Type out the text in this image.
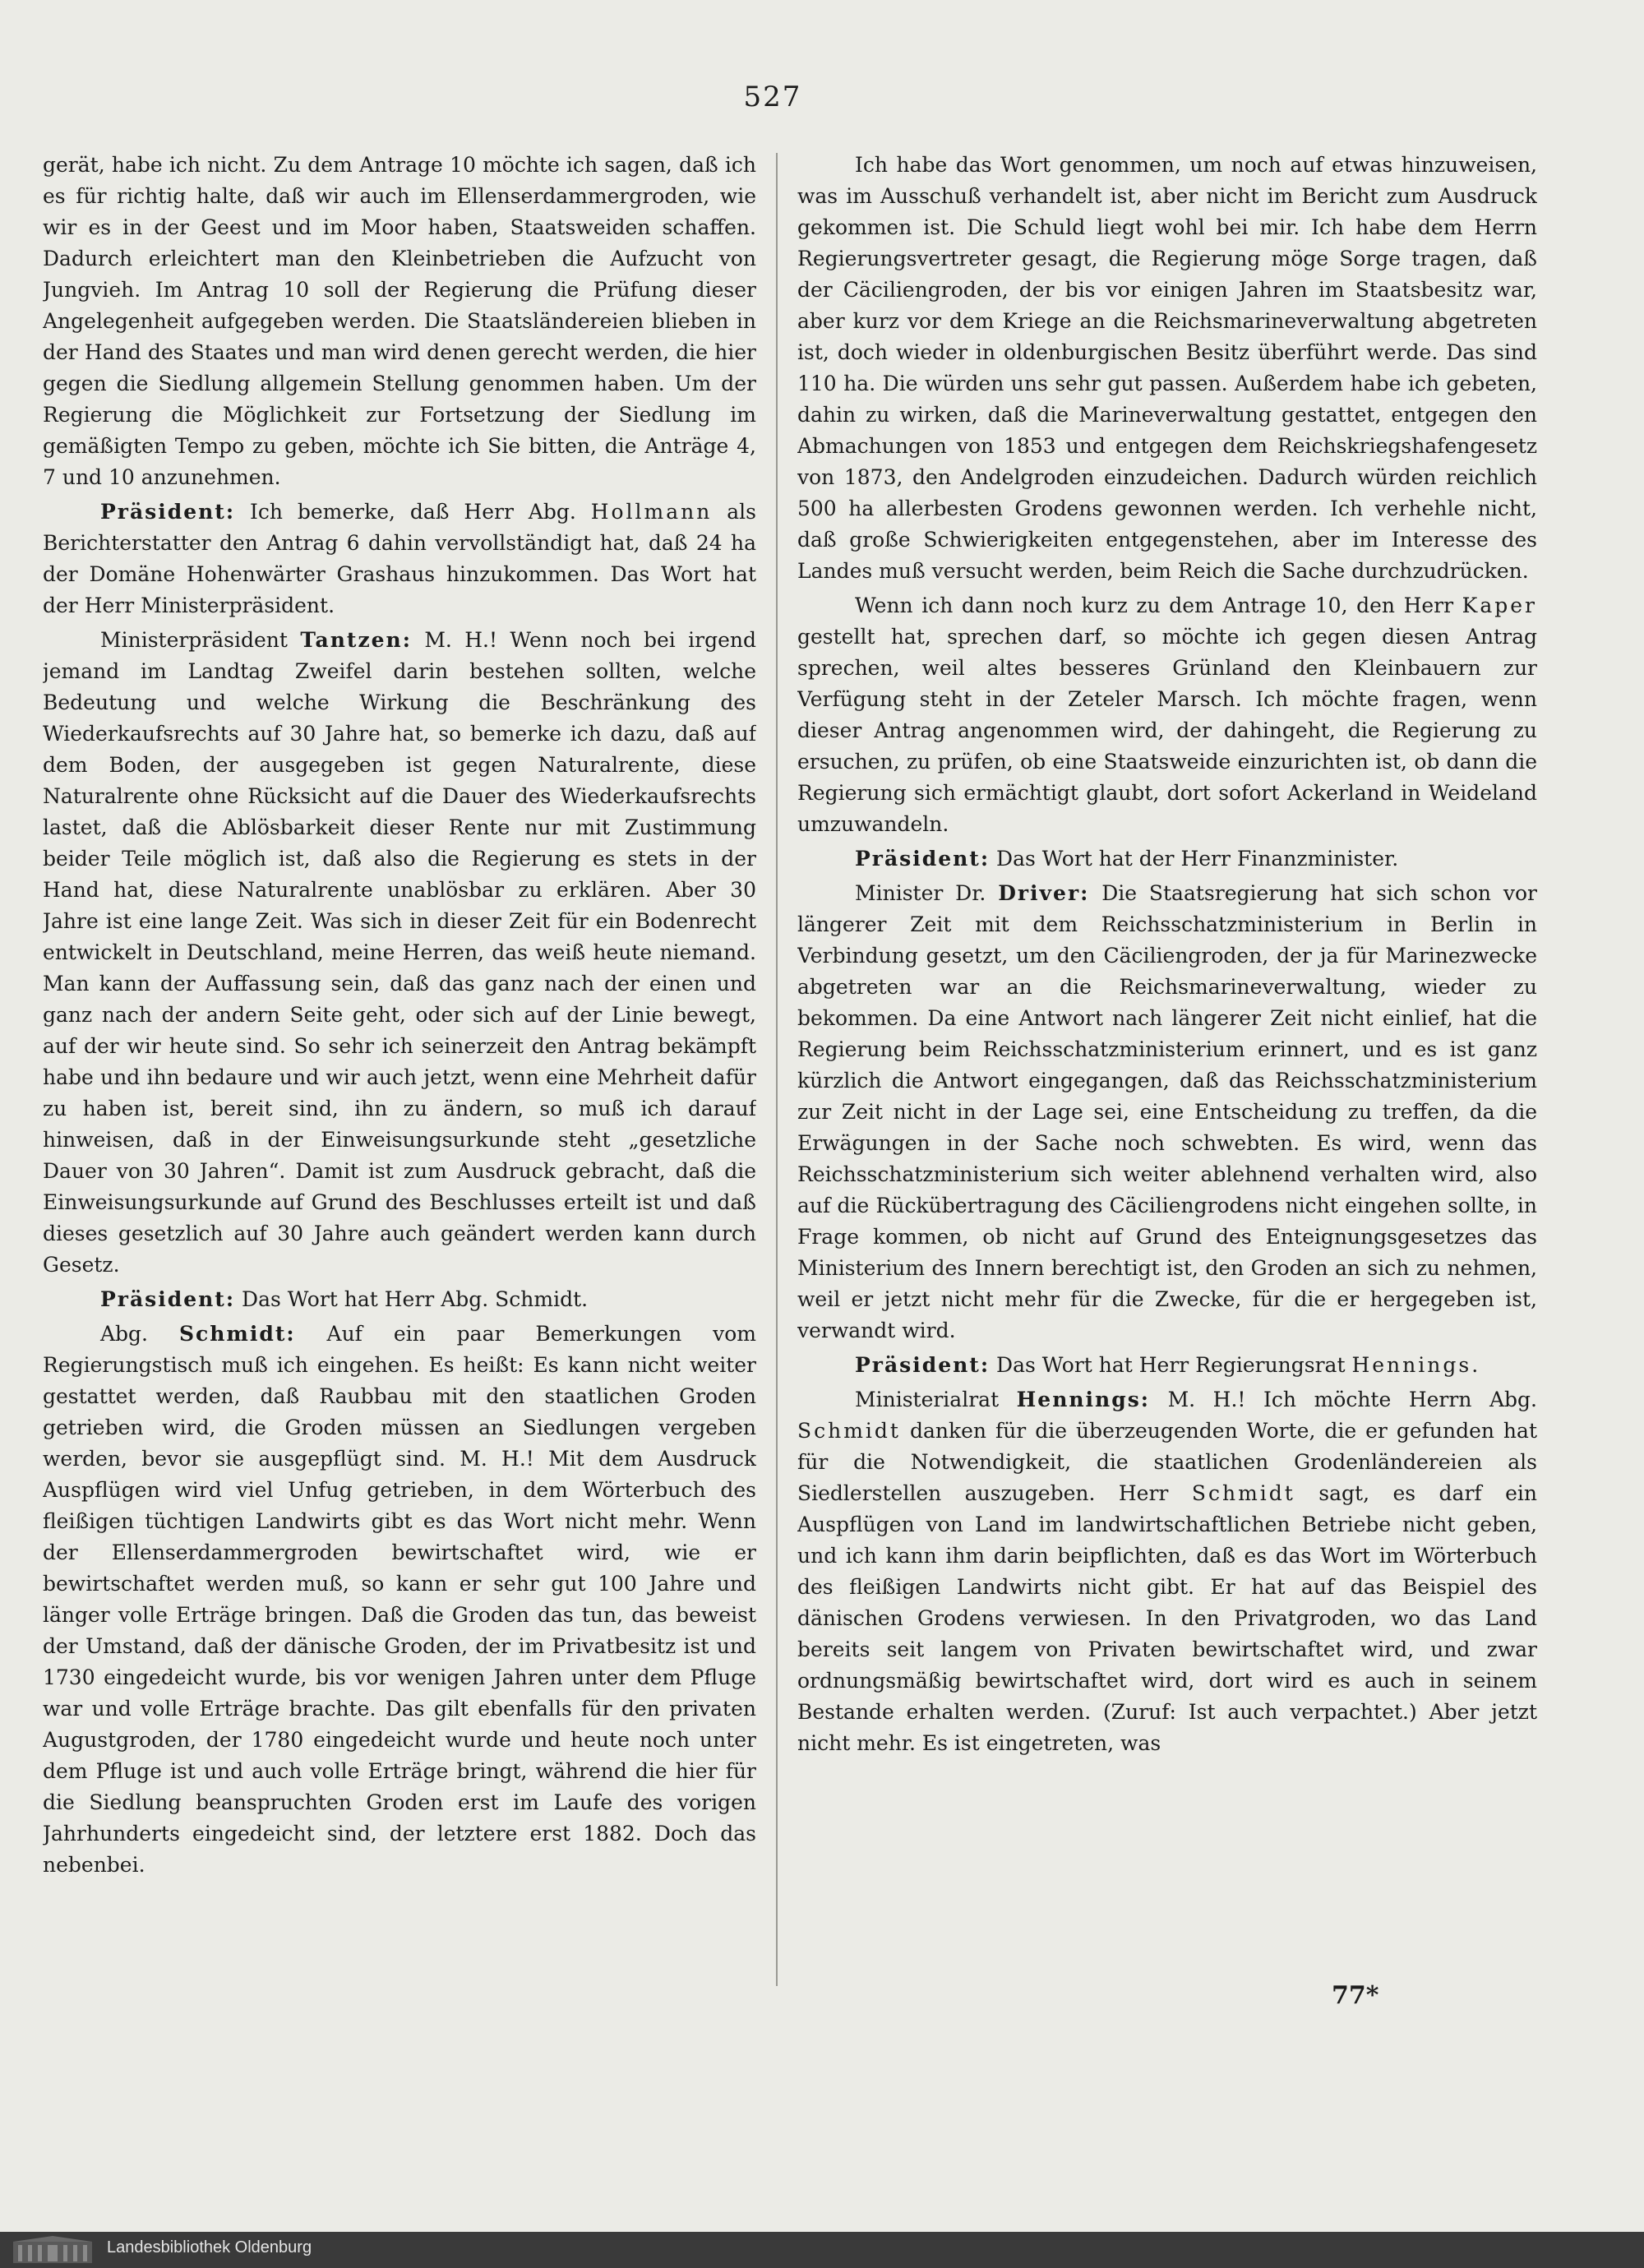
527

gerät, habe ich nicht. Zu dem Antrage 10 möchte ich sagen, daß ich es für richtig halte, daß wir auch im Ellenserdammergroden, wie wir es in der Geest und im Moor haben, Staatsweiden schaffen. Dadurch erleichtert man den Kleinbetrieben die Aufzucht von Jungvieh. Im Antrag 10 soll der Regierung die Prüfung dieser Angelegenheit aufgegeben werden. Die Staatsländereien blieben in der Hand des Staates und man wird denen gerecht werden, die hier gegen die Siedlung allgemein Stellung genommen haben. Um der Regierung die Möglichkeit zur Fortsetzung der Siedlung im gemäßigten Tempo zu geben, möchte ich Sie bitten, die Anträge 4, 7 und 10 anzunehmen.

Präsident: Ich bemerke, daß Herr Abg. Hollmann als Berichterstatter den Antrag 6 dahin vervollständigt hat, daß 24 ha der Domäne Hohenwärter Grashaus hinzukommen. Das Wort hat der Herr Ministerpräsident.

Ministerpräsident Tantzen: M. H.! Wenn noch bei irgend jemand im Landtag Zweifel darin bestehen sollten, welche Bedeutung und welche Wirkung die Beschränkung des Wiederkaufsrechts auf 30 Jahre hat, so bemerke ich dazu, daß auf dem Boden, der ausgegeben ist gegen Naturalrente, diese Naturalrente ohne Rücksicht auf die Dauer des Wiederkaufsrechts lastet, daß die Ablösbarkeit dieser Rente nur mit Zustimmung beider Teile möglich ist, daß also die Regierung es stets in der Hand hat, diese Naturalrente unablösbar zu erklären. Aber 30 Jahre ist eine lange Zeit. Was sich in dieser Zeit für ein Bodenrecht entwickelt in Deutschland, meine Herren, das weiß heute niemand. Man kann der Auffassung sein, daß das ganz nach der einen und ganz nach der andern Seite geht, oder sich auf der Linie bewegt, auf der wir heute sind. So sehr ich seinerzeit den Antrag bekämpft habe und ihn bedaure und wir auch jetzt, wenn eine Mehrheit dafür zu haben ist, bereit sind, ihn zu ändern, so muß ich darauf hinweisen, daß in der Einweisungsurkunde steht „gesetzliche Dauer von 30 Jahren“. Damit ist zum Ausdruck gebracht, daß die Einweisungsurkunde auf Grund des Beschlusses erteilt ist und daß dieses gesetzlich auf 30 Jahre auch geändert werden kann durch Gesetz.

Präsident: Das Wort hat Herr Abg. Schmidt.

Abg. Schmidt: Auf ein paar Bemerkungen vom Regierungstisch muß ich eingehen. Es heißt: Es kann nicht weiter gestattet werden, daß Raubbau mit den staatlichen Groden getrieben wird, die Groden müssen an Siedlungen vergeben werden, bevor sie ausgepflügt sind. M. H.! Mit dem Ausdruck Auspflügen wird viel Unfug getrieben, in dem Wörterbuch des fleißigen tüchtigen Landwirts gibt es das Wort nicht mehr. Wenn der Ellenserdammergroden bewirtschaftet wird, wie er bewirtschaftet werden muß, so kann er sehr gut 100 Jahre und länger volle Erträge bringen. Daß die Groden das tun, das beweist der Umstand, daß der dänische Groden, der im Privatbesitz ist und 1730 eingedeicht wurde, bis vor wenigen Jahren unter dem Pfluge war und volle Erträge brachte. Das gilt ebenfalls für den privaten Augustgroden, der 1780 eingedeicht wurde und heute noch unter dem Pfluge ist und auch volle Erträge bringt, während die hier für die Siedlung beanspruchten Groden erst im Laufe des vorigen Jahrhunderts eingedeicht sind, der letztere erst 1882. Doch das nebenbei.

Ich habe das Wort genommen, um noch auf etwas hinzuweisen, was im Ausschuß verhandelt ist, aber nicht im Bericht zum Ausdruck gekommen ist. Die Schuld liegt wohl bei mir. Ich habe dem Herrn Regierungsvertreter gesagt, die Regierung möge Sorge tragen, daß der Cäciliengroden, der bis vor einigen Jahren im Staatsbesitz war, aber kurz vor dem Kriege an die Reichsmarineverwaltung abgetreten ist, doch wieder in oldenburgischen Besitz überführt werde. Das sind 110 ha. Die würden uns sehr gut passen. Außerdem habe ich gebeten, dahin zu wirken, daß die Marineverwaltung gestattet, entgegen den Abmachungen von 1853 und entgegen dem Reichskriegshafengesetz von 1873, den Andelgroden einzudeichen. Dadurch würden reichlich 500 ha allerbesten Grodens gewonnen werden. Ich verhehle nicht, daß große Schwierigkeiten entgegenstehen, aber im Interesse des Landes muß versucht werden, beim Reich die Sache durchzudrücken.

Wenn ich dann noch kurz zu dem Antrage 10, den Herr Kaper gestellt hat, sprechen darf, so möchte ich gegen diesen Antrag sprechen, weil altes besseres Grünland den Kleinbauern zur Verfügung steht in der Zeteler Marsch. Ich möchte fragen, wenn dieser Antrag angenommen wird, der dahingeht, die Regierung zu ersuchen, zu prüfen, ob eine Staatsweide einzurichten ist, ob dann die Regierung sich ermächtigt glaubt, dort sofort Ackerland in Weideland umzuwandeln.

Präsident: Das Wort hat der Herr Finanzminister.

Minister Dr. Driver: Die Staatsregierung hat sich schon vor längerer Zeit mit dem Reichsschatzministerium in Berlin in Verbindung gesetzt, um den Cäciliengroden, der ja für Marinezwecke abgetreten war an die Reichsmarineverwaltung, wieder zu bekommen. Da eine Antwort nach längerer Zeit nicht einlief, hat die Regierung beim Reichsschatzministerium erinnert, und es ist ganz kürzlich die Antwort eingegangen, daß das Reichsschatzministerium zur Zeit nicht in der Lage sei, eine Entscheidung zu treffen, da die Erwägungen in der Sache noch schwebten. Es wird, wenn das Reichsschatzministerium sich weiter ablehnend verhalten wird, also auf die Rückübertragung des Cäciliengrodens nicht eingehen sollte, in Frage kommen, ob nicht auf Grund des Enteignungsgesetzes das Ministerium des Innern berechtigt ist, den Groden an sich zu nehmen, weil er jetzt nicht mehr für die Zwecke, für die er hergegeben ist, verwandt wird.

Präsident: Das Wort hat Herr Regierungsrat Hennings.

Ministerialrat Hennings: M. H.! Ich möchte Herrn Abg. Schmidt danken für die überzeugenden Worte, die er gefunden hat für die Notwendigkeit, die staatlichen Grodenländereien als Siedlerstellen auszugeben. Herr Schmidt sagt, es darf ein Auspflügen von Land im landwirtschaftlichen Betriebe nicht geben, und ich kann ihm darin beipflichten, daß es das Wort im Wörterbuch des fleißigen Landwirts nicht gibt. Er hat auf das Beispiel des dänischen Grodens verwiesen. In den Privatgroden, wo das Land bereits seit langem von Privaten bewirtschaftet wird, und zwar ordnungsmäßig bewirtschaftet wird, dort wird es auch in seinem Bestande erhalten werden. (Zuruf: Ist auch verpachtet.) Aber jetzt nicht mehr. Es ist eingetreten, was

77*
Landesbibliothek Oldenburg
